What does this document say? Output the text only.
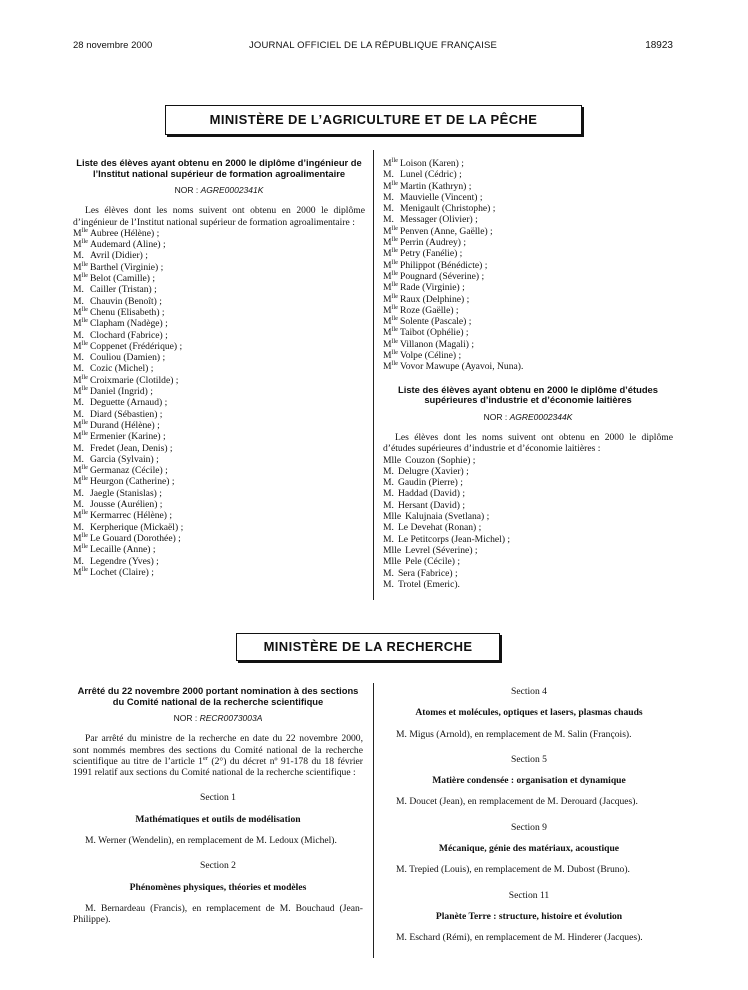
28 novembre 2000	JOURNAL OFFICIEL DE LA RÉPUBLIQUE FRANÇAISE	18923
MINISTÈRE DE L’AGRICULTURE ET DE LA PÊCHE
Liste des élèves ayant obtenu en 2000 le diplôme d’ingénieur de l’Institut national supérieur de formation agroalimentaire
NOR : AGRE0002341K

Les élèves dont les noms suivent ont obtenu en 2000 le diplôme d’ingénieur de l’Institut national supérieur de formation agroalimentaire :

$M^{lle}$ Aubree (Hélène) ;
$M^{lle}$ Audemard (Aline) ;
M. Avril (Didier) ;
$M^{lle}$ Barthel (Virginie) ;
$M^{lle}$ Belot (Camille) ;
M. Cailler (Tristan) ;
M. Chauvin (Benoît) ;
$M^{lle}$ Chenu (Elisabeth) ;
$M^{lle}$ Clapham (Nadège) ;
M. Clochard (Fabrice) ;
$M^{lle}$ Coppenet (Frédérique) ;
M. Couliou (Damien) ;
M. Cozic (Michel) ;
$M^{lle}$ Croixmarie (Clotilde) ;
$M^{lle}$ Daniel (Ingrid) ;
M. Deguette (Arnaud) ;
M. Diard (Sébastien) ;
$M^{lle}$ Durand (Hélène) ;
$M^{lle}$ Ermenier (Karine) ;
M. Fredet (Jean, Denis) ;
M. Garcia (Sylvain) ;
$M^{lle}$ Germanaz (Cécile) ;
$M^{lle}$ Heurgon (Catherine) ;
M. Jaegle (Stanislas) ;
M. Jousse (Aurélien) ;
$M^{lle}$ Kermarrec (Hélène) ;
M. Kerpherique (Mickaël) ;
$M^{lle}$ Le Gouard (Dorothée) ;
$M^{lle}$ Lecaille (Anne) ;
M. Legendre (Yves) ;
$M^{lle}$ Lochet (Claire) ;
$M^{lle}$ Loison (Karen) ;
M. Lunel (Cédric) ;
$M^{lle}$ Martin (Kathryn) ;
M. Mauvielle (Vincent) ;
M. Menigault (Christophe) ;
M. Messager (Olivier) ;
$M^{lle}$ Penven (Anne, Gaëlle) ;
$M^{lle}$ Perrin (Audrey) ;
$M^{lle}$ Petry (Fanélie) ;
$M^{lle}$ Philippot (Bénédicte) ;
$M^{lle}$ Pougnard (Séverine) ;
$M^{lle}$ Rade (Virginie) ;
$M^{lle}$ Raux (Delphine) ;
$M^{lle}$ Roze (Gaëlle) ;
$M^{lle}$ Solente (Pascale) ;
$M^{lle}$ Taibot (Ophélie) ;
$M^{lle}$ Villanon (Magali) ;
$M^{lle}$ Volpe (Céline) ;
$M^{lle}$ Vovor Mawupe (Ayavoi, Nuna).
Liste des élèves ayant obtenu en 2000 le diplôme d’études supérieures d’industrie et d’économie laitières
NOR : AGRE0002344K

Les élèves dont les noms suivent ont obtenu en 2000 le diplôme d’études supérieures d’industrie et d’économie laitières :

Mlle Couzon (Sophie) ;
M. Delugre (Xavier) ;
M. Gaudin (Pierre) ;
M. Haddad (David) ;
M. Hersant (David) ;
Mlle Kalujnaia (Svetlana) ;
M. Le Devehat (Ronan) ;
M. Le Petitcorps (Jean-Michel) ;
Mlle Levrel (Séverine) ;
Mlle Pele (Cécile) ;
M. Sera (Fabrice) ;
M. Trotel (Emeric).
MINISTÈRE DE LA RECHERCHE
Arrêté du 22 novembre 2000 portant nomination à des sections du Comité national de la recherche scientifique
NOR : RECR0073003A

Par arrêté du ministre de la recherche en date du 22 novembre 2000, sont nommés membres des sections du Comité national de la recherche scientifique au titre de l’article 1er (2°) du décret nº 91-178 du 18 février 1991 relatif aux sections du Comité national de la recherche scientifique :

Section 1
Mathématiques et outils de modélisation
M. Werner (Wendelin), en remplacement de M. Ledoux (Michel).
Section 2
Phénomènes physiques, théories et modèles
M. Bernardeau (Francis), en remplacement de M. Bouchaud (Jean-Philippe).
Section 4
Atomes et molécules, optiques et lasers, plasmas chauds
M. Migus (Arnold), en remplacement de M. Salin (François).
Section 5
Matière condensée : organisation et dynamique
M. Doucet (Jean), en remplacement de M. Derouard (Jacques).
Section 9
Mécanique, génie des matériaux, acoustique
M. Trepied (Louis), en remplacement de M. Dubost (Bruno).
Section 11
Planète Terre : structure, histoire et évolution
M. Eschard (Rémi), en remplacement de M. Hinderer (Jacques).
